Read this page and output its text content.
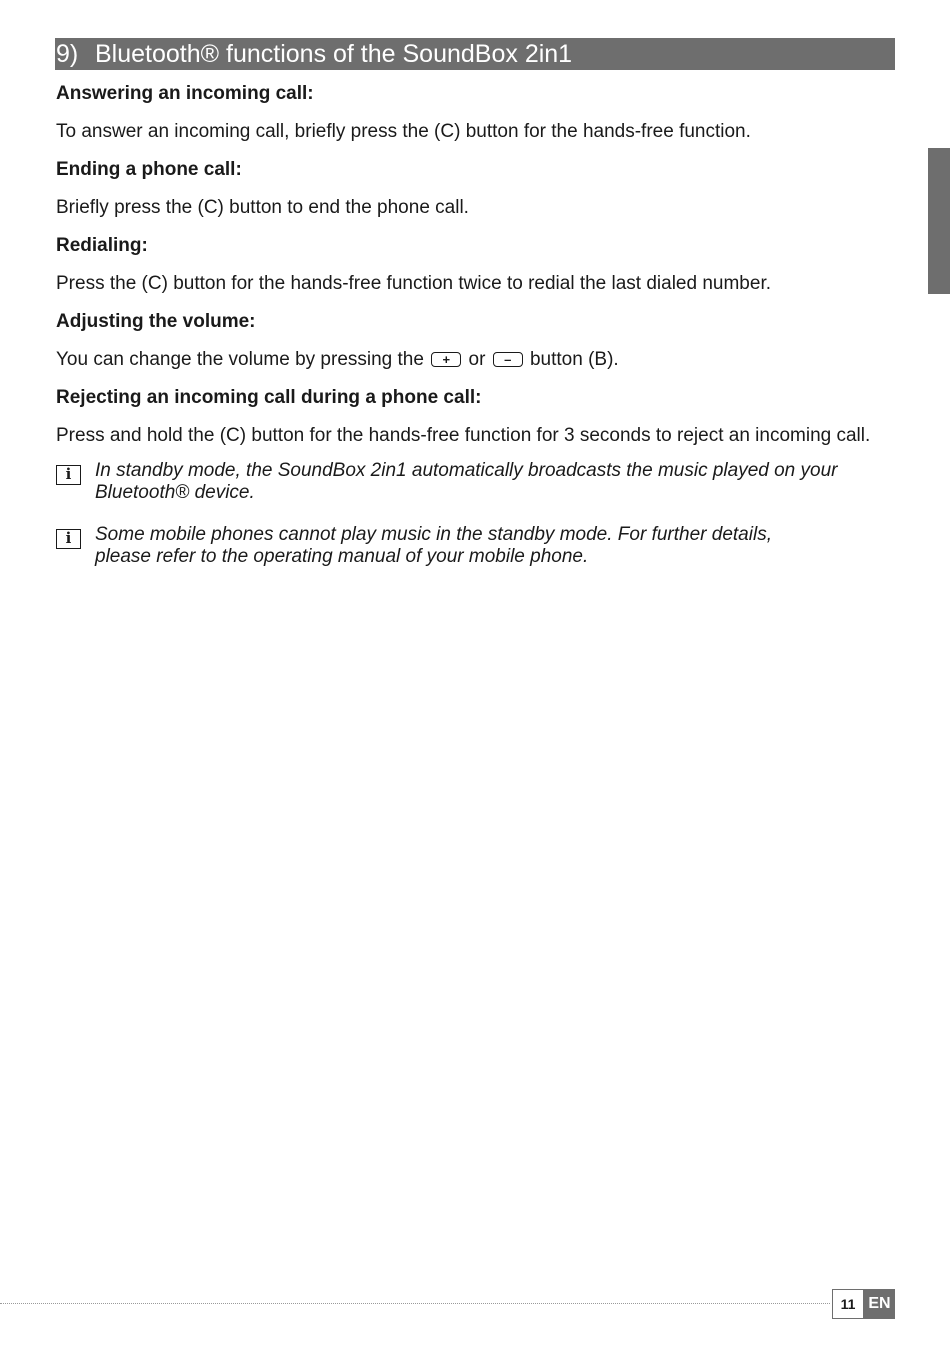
9) Bluetooth® functions of the SoundBox 2in1

Answering an incoming call:

To answer an incoming call, briefly press the (C) button for the hands-free function.

Ending a phone call:

Briefly press the (C) button to end the phone call.

Redialing:

Press the (C) button for the hands-free function twice to redial the last dialed number.

Adjusting the volume:

You can change the volume by pressing the + or – button (B).

Rejecting an incoming call during a phone call:

Press and hold the (C) button for the hands-free function for 3 seconds to reject an incoming call.

i	In standby mode, the SoundBox 2in1 automatically broadcasts the music played on your
Bluetooth® device.
i	Some mobile phones cannot play music in the standby mode. For further details,
please refer to the operating manual of your mobile phone.
11 EN
